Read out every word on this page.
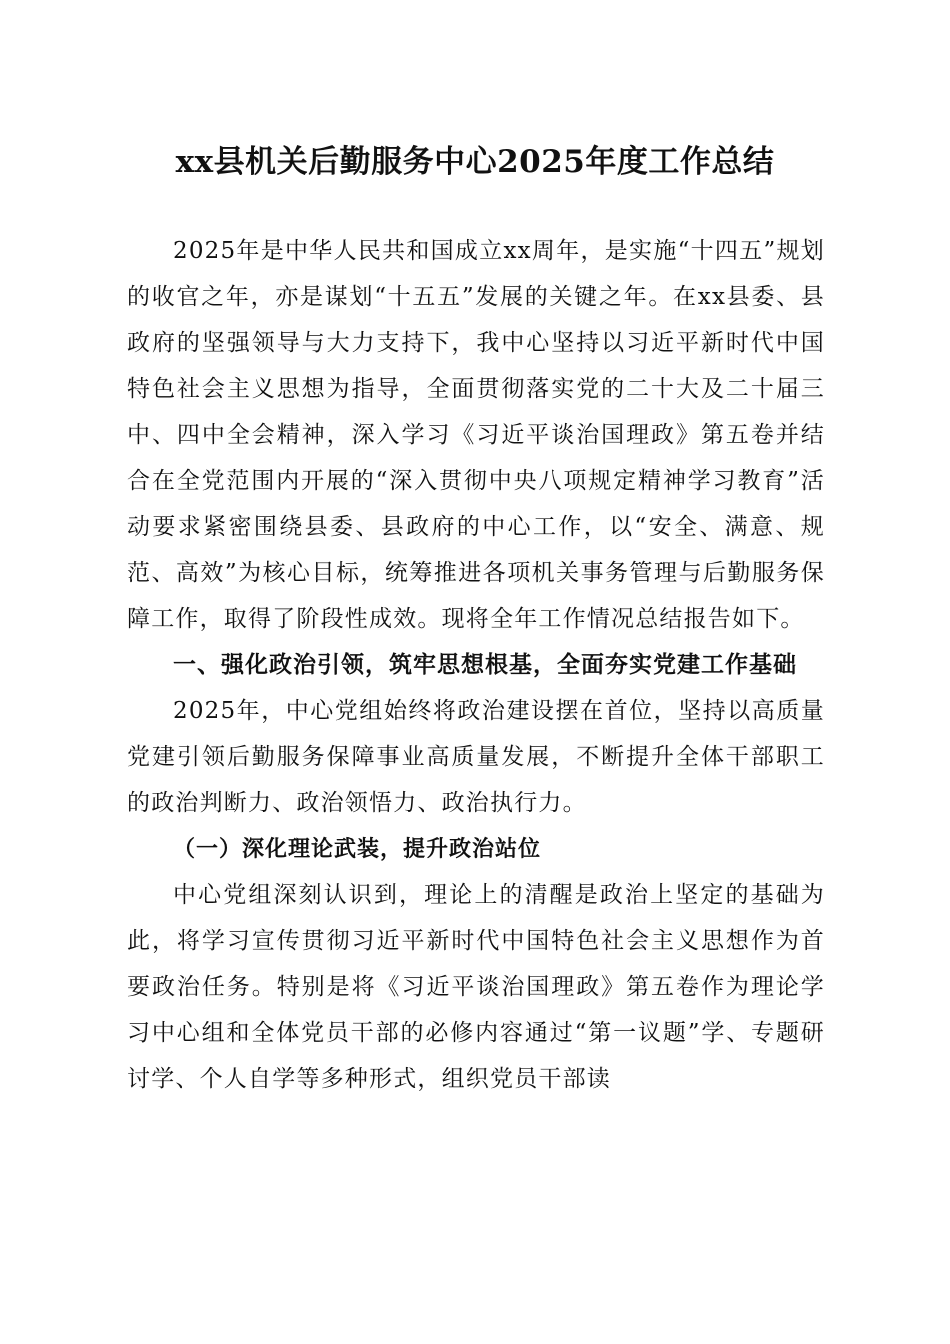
xx县机关后勤服务中心2025年度工作总结

2025年是中华人民共和国成立xx周年，是实施“十四五”规划的收官之年，亦是谋划“十五五”发展的关键之年。在xx县委、县政府的坚强领导与大力支持下，我中心坚持以习近平新时代中国特色社会主义思想为指导，全面贯彻落实党的二十大及二十届三中、四中全会精神，深入学习《习近平谈治国理政》第五卷并结合在全党范围内开展的“深入贯彻中央八项规定精神学习教育”活动要求紧密围绕县委、县政府的中心工作，以“安全、满意、规范、高效”为核心目标，统筹推进各项机关事务管理与后勤服务保障工作，取得了阶段性成效。现将全年工作情况总结报告如下。

一、强化政治引领，筑牢思想根基，全面夯实党建工作基础

2025年，中心党组始终将政治建设摆在首位，坚持以高质量党建引领后勤服务保障事业高质量发展，不断提升全体干部职工的政治判断力、政治领悟力、政治执行力。

（一）深化理论武装，提升政治站位

中心党组深刻认识到，理论上的清醒是政治上坚定的基础为此，将学习宣传贯彻习近平新时代中国特色社会主义思想作为首要政治任务。特别是将《习近平谈治国理政》第五卷作为理论学习中心组和全体党员干部的必修内容通过“第一议题”学、专题研讨学、个人自学等多种形式，组织党员干部读
